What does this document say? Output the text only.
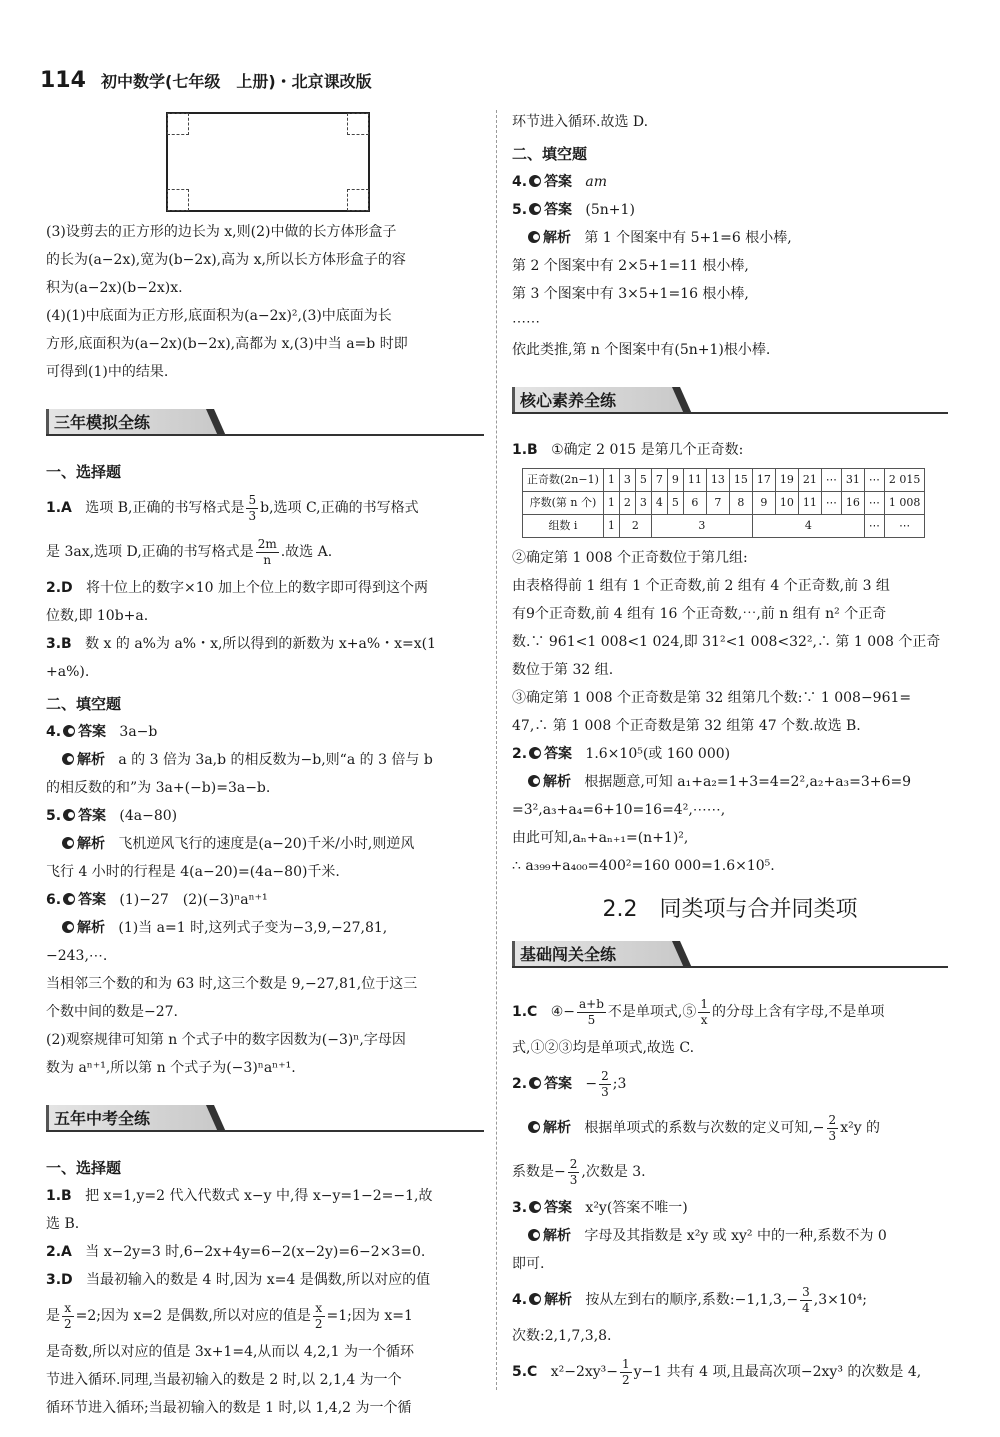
114 初中数学(七年级　上册)・北京课改版
(3)设剪去的正方形的边长为 x,则(2)中做的长方体形盒子
的长为(a−2x),宽为(b−2x),高为 x,所以长方体形盒子的容
积为(a−2x)(b−2x)x.
(4)(1)中底面为正方形,底面积为(a−2x)²,(3)中底面为长
方形,底面积为(a−2x)(b−2x),高都为 x,(3)中当 a=b 时即
可得到(1)中的结果.
三年模拟全练
一、选择题
1.A 选项 B,正确的书写格式是 $\frac{5}{3} b$,选项 C,正确的书写格式
是 3ax,选项 D,正确的书写格式是 $\frac{2m}{n}$ .故选 A.
2.D 将十位上的数字×10 加上个位上的数字即可得到这个两
位数,即 10b+a.
3.B 数 x 的 a%为 a%・x,所以得到的新数为 x+a%・x=x(1
+a%).
二、填空题
4. 答案 3a−b
解析 a 的 3 倍为 3a,b 的相反数为−b,则“a 的 3 倍与 b
的相反数的和”为 3a+(−b)=3a−b.
5. 答案 (4a−80)
解析 飞机逆风飞行的速度是(a−20)千米/小时,则逆风
飞行 4 小时的行程是 4(a−20)=(4a−80)千米.
6. 答案 (1)−27　(2)(−3)ⁿaⁿ⁺¹
解析 (1)当 a=1 时,这列式子变为−3,9,−27,81,
−243,⋯.
当相邻三个数的和为 63 时,这三个数是 9,−27,81,位于这三
个数中间的数是−27.
(2)观察规律可知第 n 个式子中的数字因数为(−3)ⁿ,字母因
数为 aⁿ⁺¹,所以第 n 个式子为(−3)ⁿaⁿ⁺¹.
五年中考全练
一、选择题
1.B 把 x=1,y=2 代入代数式 x−y 中,得 x−y=1−2=−1,故
选 B.
2.A 当 x−2y=3 时,6−2x+4y=6−2(x−2y)=6−2×3=0.
3.D 当最初输入的数是 4 时,因为 x=4 是偶数,所以对应的值
是 $\frac{x}{2} =2$;因为 x=2 是偶数,所以对应的值是 $\frac{x}{2} =1$;因为 x=1
是奇数,所以对应的值是 3x+1=4,从而以 4,2,1 为一个循环
节进入循环.同理,当最初输入的数是 2 时,以 2,1,4 为一个
循环节进入循环;当最初输入的数是 1 时,以 1,4,2 为一个循
环节进入循环.故选 D.
二、填空题
4. 答案 am
5. 答案 (5n+1)
解析 第 1 个图案中有 5+1=6 根小棒,
第 2 个图案中有 2×5+1=11 根小棒,
第 3 个图案中有 3×5+1=16 根小棒,
⋯⋯
依此类推,第 n 个图案中有(5n+1)根小棒.
核心素养全练
1.B ①确定 2 015 是第几个正奇数:
正奇数(2n−1)	1	3	5	7	9	11	13	15	17	19	21	⋯	31	⋯	2 015
序数(第 n 个)	1	2	3	4	5	6	7	8	9	10	11	⋯	16	⋯	1 008
组数 i	1	2		3					4					⋯	⋯
②确定第 1 008 个正奇数位于第几组:
由表格得前 1 组有 1 个正奇数,前 2 组有 4 个正奇数,前 3 组
有9个正奇数,前 4 组有 16 个正奇数,⋯,前 n 组有 n² 个正奇
数.∵ 961<1 008<1 024,即 31²<1 008<32²,∴ 第 1 008 个正奇
数位于第 32 组.
③确定第 1 008 个正奇数是第 32 组第几个数:∵ 1 008−961=
47,∴ 第 1 008 个正奇数是第 32 组第 47 个数.故选 B.
2. 答案 1.6×10⁵(或 160 000)
解析 根据题意,可知 a₁+a₂=1+3=4=2²,a₂+a₃=3+6=9
=3²,a₃+a₄=6+10=16=4²,⋯⋯,
由此可知,aₙ+aₙ₊₁=(n+1)²,
∴ a₃₉₉+a₄₀₀=400²=160 000=1.6×10⁵.
2.2　同类项与合并同类项
基础闯关全练
1.C ④− $\frac{a+b}{5}$ 不是单项式,⑤ $\frac{1}{x}$ 的分母上含有字母,不是单项
式,①②③均是单项式,故选 C.
2. 答案 − $\frac{2}{3}$ ;3
解析 根据单项式的系数与次数的定义可知,− $\frac{2}{3} x^2y$ 的
系数是− $\frac{2}{3}$ ,次数是 3.
3. 答案 x²y(答案不唯一)
解析 字母及其指数是 x²y 或 xy² 中的一种,系数不为 0
即可.
4. 解析 按从左到右的顺序,系数:−1,1,3,− $\frac{3}{4} ,3\times 10^4$;
次数:2,1,7,3,8.
5.C $x^2-2xy^3- \frac{1}{2} y-1$ 共有 4 项,且最高次项−2xy³ 的次数是 4,
